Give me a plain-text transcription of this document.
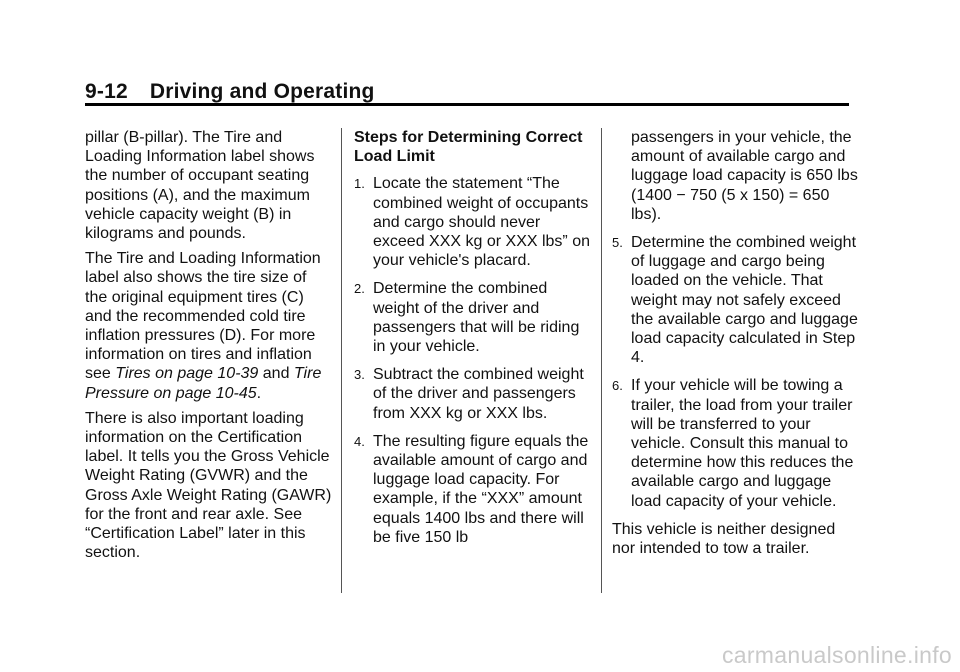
9-12 Driving and Operating

pillar (B-pillar). The Tire and Loading Information label shows the number of occupant seating positions (A), and the maximum vehicle capacity weight (B) in kilograms and pounds.

The Tire and Loading Information label also shows the tire size of the original equipment tires (C) and the recommended cold tire inflation pressures (D). For more information on tires and inflation see Tires on page 10-39 and Tire Pressure on page 10-45.

There is also important loading information on the Certification label. It tells you the Gross Vehicle Weight Rating (GVWR) and the Gross Axle Weight Rating (GAWR) for the front and rear axle. See “Certification Label” later in this section.

Steps for Determining Correct Load Limit
1. Locate the statement “The combined weight of occupants and cargo should never exceed XXX kg or XXX lbs” on your vehicle's placard.
2. Determine the combined weight of the driver and passengers that will be riding in your vehicle.
3. Subtract the combined weight of the driver and passengers from XXX kg or XXX lbs.
4. The resulting figure equals the available amount of cargo and luggage load capacity. For example, if the “XXX” amount equals 1400 lbs and there will be five 150 lb
passengers in your vehicle, the amount of available cargo and luggage load capacity is 650 lbs (1400 − 750 (5 x 150) = 650 lbs).
5. Determine the combined weight of luggage and cargo being loaded on the vehicle. That weight may not safely exceed the available cargo and luggage load capacity calculated in Step 4.
6. If your vehicle will be towing a trailer, the load from your trailer will be transferred to your vehicle. Consult this manual to determine how this reduces the available cargo and luggage load capacity of your vehicle.

This vehicle is neither designed nor intended to tow a trailer.

carmanualsonline.info
